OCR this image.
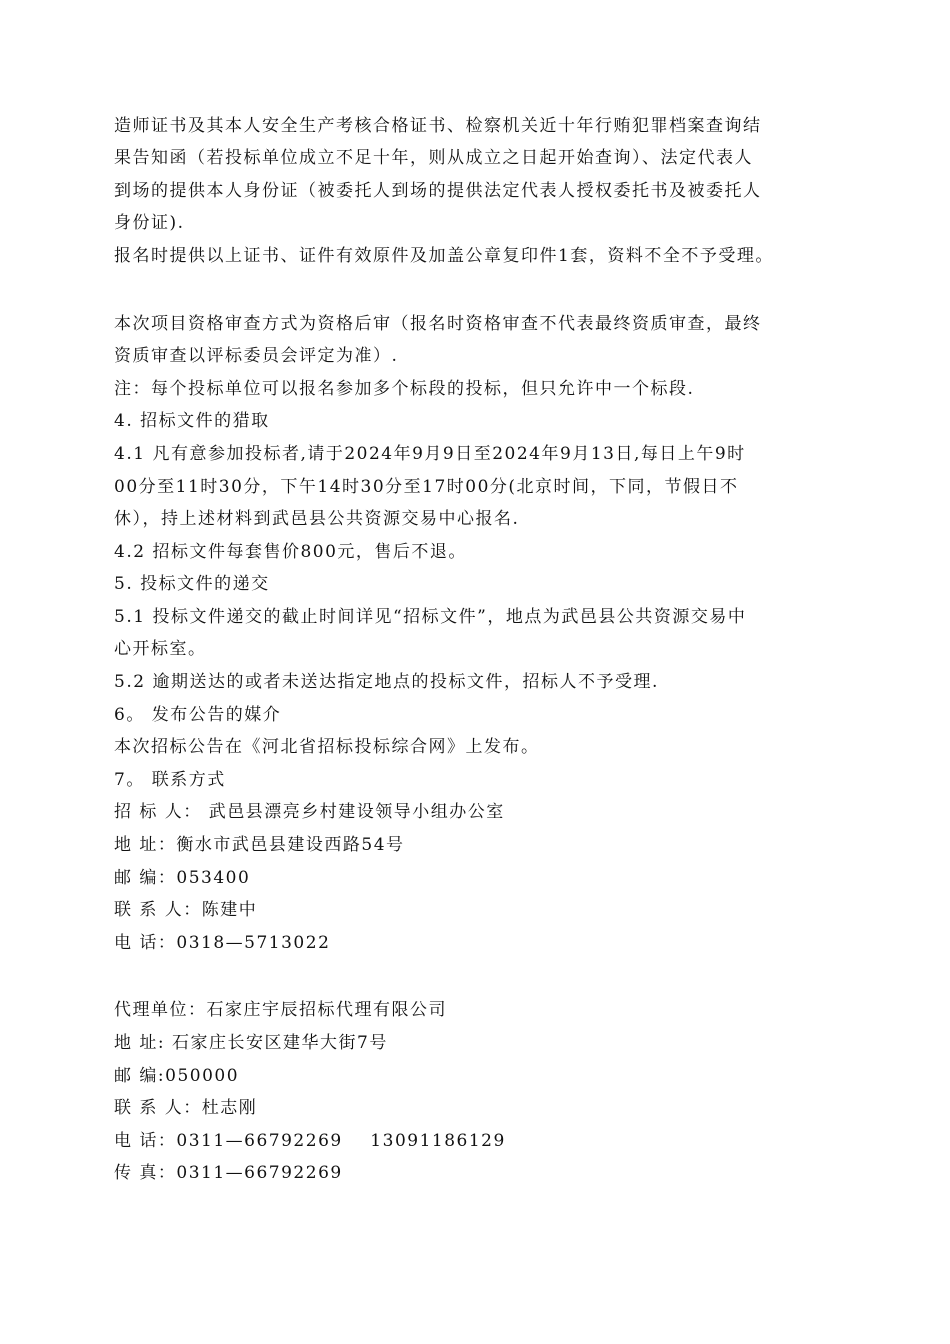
造师证书及其本人安全生产考核合格证书、检察机关近十年行贿犯罪档案查询结

果告知函（若投标单位成立不足十年，则从成立之日起开始查询）、法定代表人

到场的提供本人身份证（被委托人到场的提供法定代表人授权委托书及被委托人

身份证).

报名时提供以上证书、证件有效原件及加盖公章复印件1套，资料不全不予受理。

本次项目资格审查方式为资格后审（报名时资格审查不代表最终资质审查，最终

资质审查以评标委员会评定为准）.

注：每个投标单位可以报名参加多个标段的投标，但只允许中一个标段.

4. 招标文件的猎取

4.1 凡有意参加投标者,请于2024年9月9日至2024年9月13日,每日上午9时

00分至11时30分，下午14时30分至17时00分(北京时间，下同，节假日不

休），持上述材料到武邑县公共资源交易中心报名.

4.2 招标文件每套售价800元，售后不退。

5. 投标文件的递交

5.1 投标文件递交的截止时间详见“招标文件”，地点为武邑县公共资源交易中

心开标室。

5.2 逾期送达的或者未送达指定地点的投标文件，招标人不予受理.

6。 发布公告的媒介

本次招标公告在《河北省招标投标综合网》上发布。

7。 联系方式

招 标 人： 武邑县漂亮乡村建设领导小组办公室

地 址：衡水市武邑县建设西路54号

邮 编：053400

联 系 人：陈建中

电 话：0318—5713022

代理单位：石家庄宇辰招标代理有限公司

地 址: 石家庄长安区建华大街7号

邮 编:050000

联 系 人：杜志刚

电 话：0311—66792269    13091186129

传 真：0311—66792269
